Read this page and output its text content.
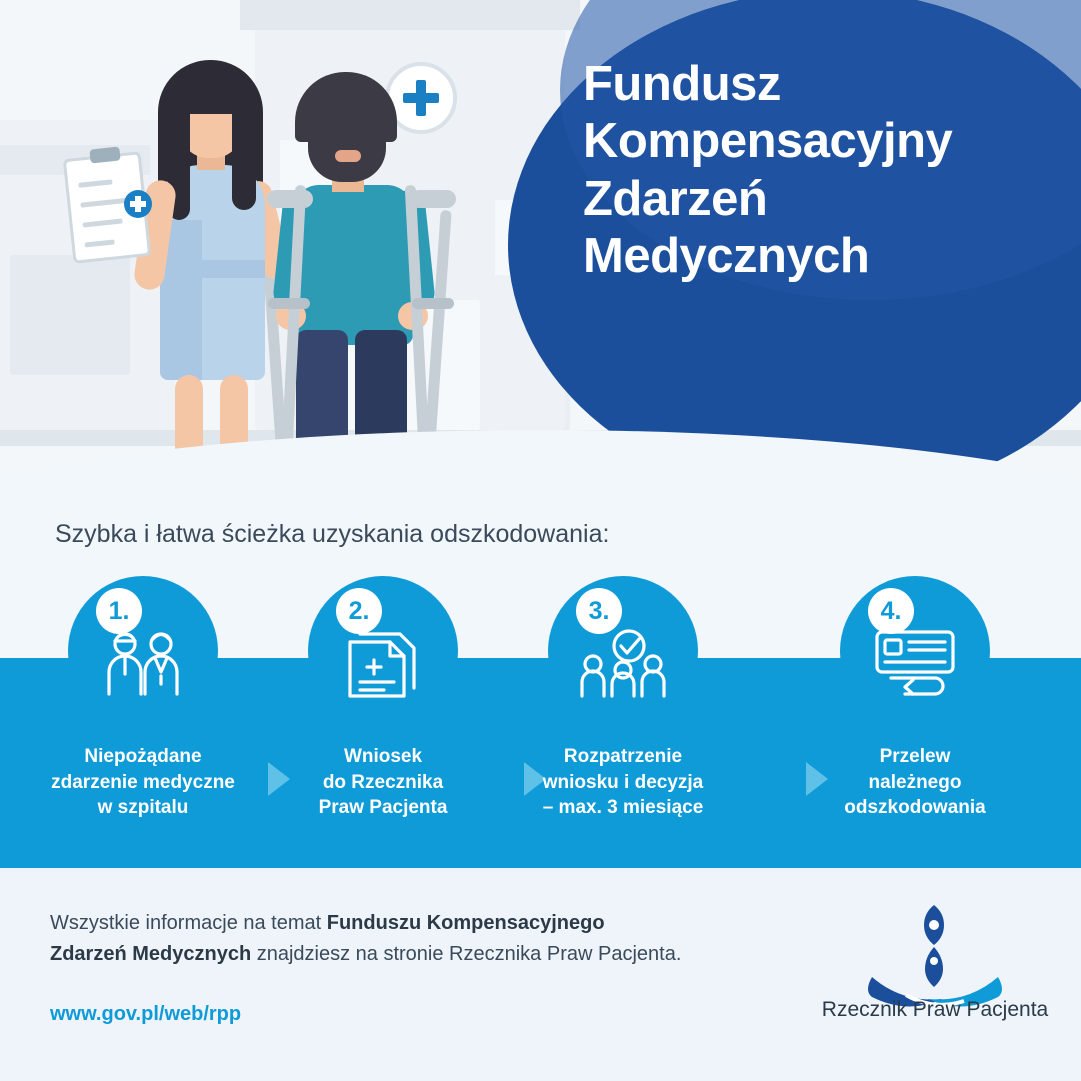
Fundusz Kompensacyjny Zdarzeń Medycznych
Szybka i łatwa ścieżka uzyskania odszkodowania:
1.
Niepożądane
zdarzenie medyczne
w szpitalu
2.
Wniosek
do Rzecznika
Praw Pacjenta
3.
Rozpatrzenie
wniosku i decyzja
– max. 3 miesiące
4.
Przelew
należnego
odszkodowania
Wszystkie informacje na temat Funduszu Kompensacyjnego
Zdarzeń Medycznych znajdziesz na stronie Rzecznika Praw Pacjenta.
www.gov.pl/web/rpp	Rzecznik Praw Pacjenta
